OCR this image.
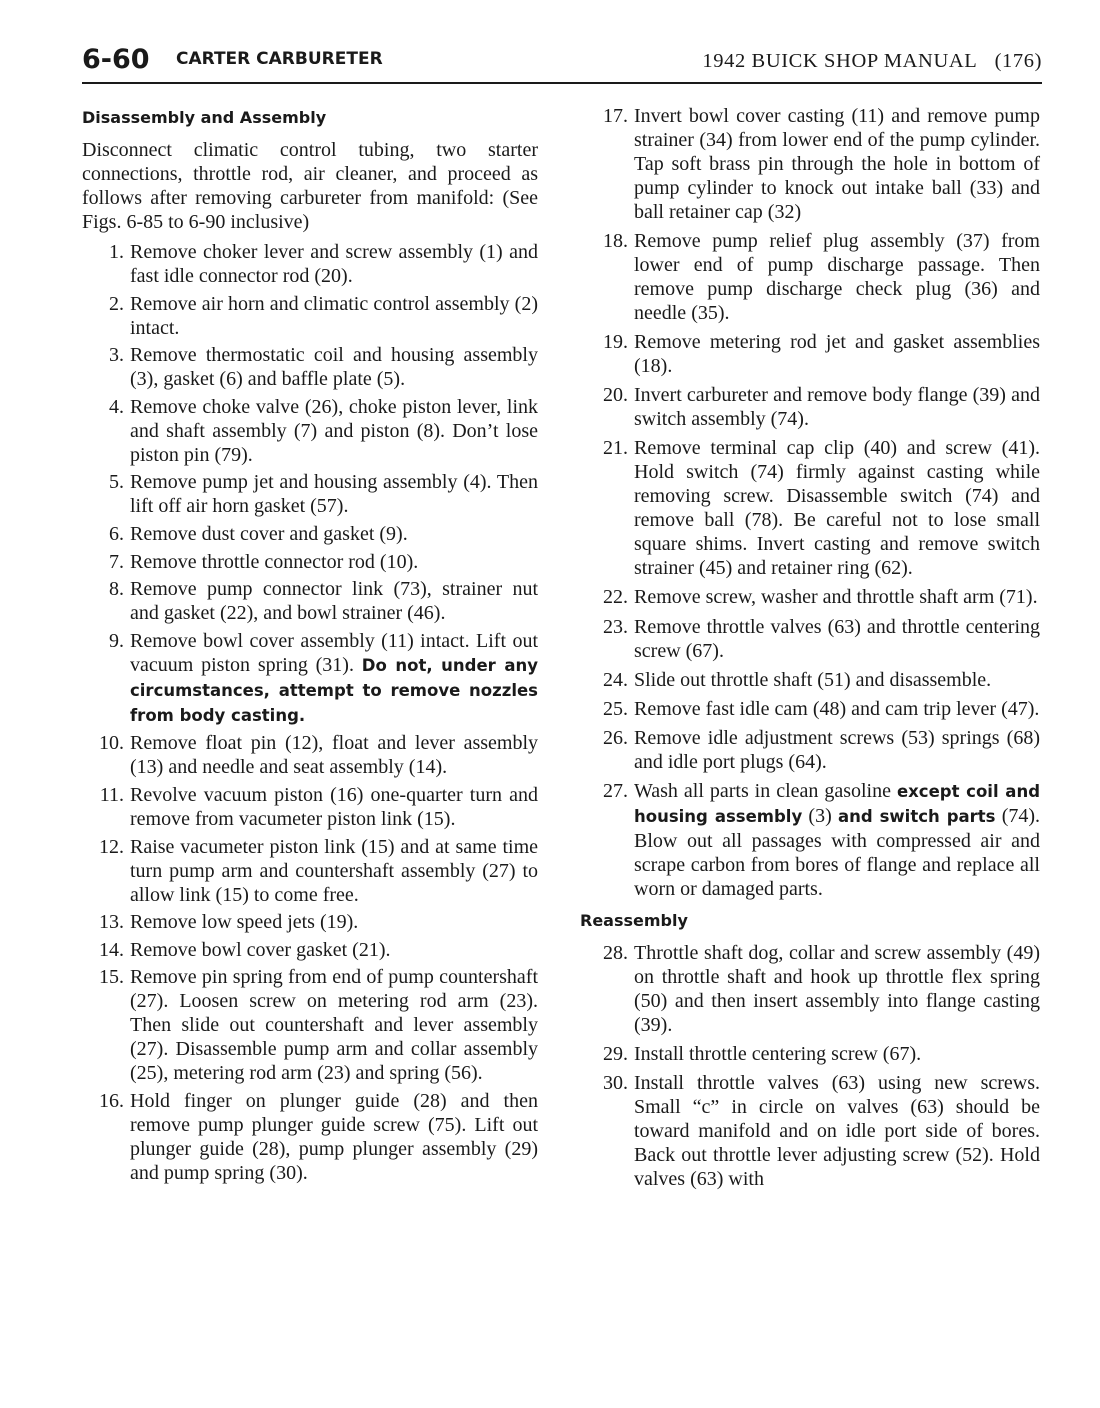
6-60 CARTER CARBURETER	1942 BUICK SHOP MANUAL (176)
Disassembly and Assembly

Disconnect climatic control tubing, two starter connections, throttle rod, air cleaner, and proceed as follows after removing carbureter from manifold: (See Figs. 6-85 to 6-90 inclusive)

1. Remove choker lever and screw assembly (1) and fast idle connector rod (20).
2. Remove air horn and climatic control assembly (2) intact.
3. Remove thermostatic coil and housing assembly (3), gasket (6) and baffle plate (5).
4. Remove choke valve (26), choke piston lever, link and shaft assembly (7) and piston (8). Don’t lose piston pin (79).
5. Remove pump jet and housing assembly (4). Then lift off air horn gasket (57).
6. Remove dust cover and gasket (9).
7. Remove throttle connector rod (10).
8. Remove pump connector link (73), strainer nut and gasket (22), and bowl strainer (46).
9. Remove bowl cover assembly (11) intact. Lift out vacuum piston spring (31). Do not, under any circumstances, attempt to remove nozzles from body casting.
10. Remove float pin (12), float and lever assembly (13) and needle and seat assembly (14).
11. Revolve vacuum piston (16) one-quarter turn and remove from vacumeter piston link (15).
12. Raise vacumeter piston link (15) and at same time turn pump arm and countershaft assembly (27) to allow link (15) to come free.
13. Remove low speed jets (19).
14. Remove bowl cover gasket (21).
15. Remove pin spring from end of pump countershaft (27). Loosen screw on metering rod arm (23). Then slide out countershaft and lever assembly (27). Disassemble pump arm and collar assembly (25), metering rod arm (23) and spring (56).
16. Hold finger on plunger guide (28) and then remove pump plunger guide screw (75). Lift out plunger guide (28), pump plunger assembly (29) and pump spring (30).
17. Invert bowl cover casting (11) and remove pump strainer (34) from lower end of the pump cylinder. Tap soft brass pin through the hole in bottom of pump cylinder to knock out intake ball (33) and ball retainer cap (32)
18. Remove pump relief plug assembly (37) from lower end of pump discharge passage. Then remove pump discharge check plug (36) and needle (35).
19. Remove metering rod jet and gasket assemblies (18).
20. Invert carbureter and remove body flange (39) and switch assembly (74).
21. Remove terminal cap clip (40) and screw (41). Hold switch (74) firmly against casting while removing screw. Disassemble switch (74) and remove ball (78). Be careful not to lose small square shims. Invert casting and remove switch strainer (45) and retainer ring (62).
22. Remove screw, washer and throttle shaft arm (71).
23. Remove throttle valves (63) and throttle centering screw (67).
24. Slide out throttle shaft (51) and disassemble.
25. Remove fast idle cam (48) and cam trip lever (47).
26. Remove idle adjustment screws (53) springs (68) and idle port plugs (64).
27. Wash all parts in clean gasoline except coil and housing assembly (3) and switch parts (74). Blow out all passages with compressed air and scrape carbon from bores of flange and replace all worn or damaged parts.
Reassembly
28. Throttle shaft dog, collar and screw assembly (49) on throttle shaft and hook up throttle flex spring (50) and then insert assembly into flange casting (39).
29. Install throttle centering screw (67).
30. Install throttle valves (63) using new screws. Small “c” in circle on valves (63) should be toward manifold and on idle port side of bores. Back out throttle lever adjusting screw (52). Hold valves (63) with
